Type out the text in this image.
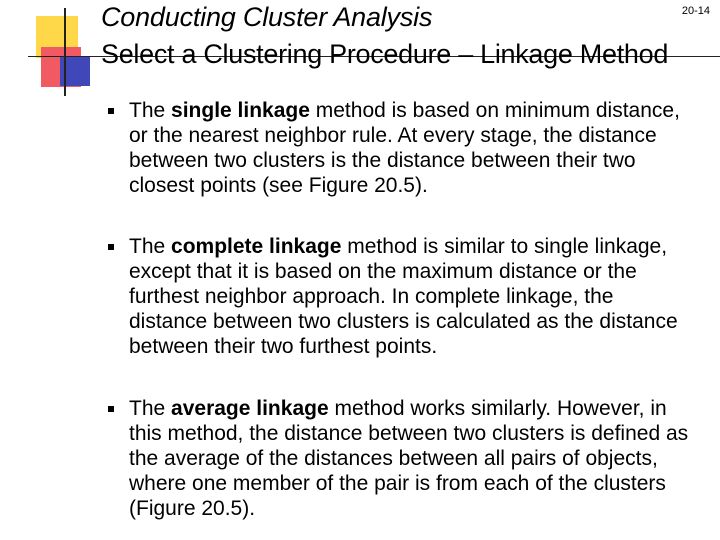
Conducting Cluster Analysis	20-14
Select a Clustering Procedure – Linkage Method
The single linkage method is based on minimum distance, or the nearest neighbor rule. At every stage, the distance between two clusters is the distance between their two closest points (see Figure 20.5).
The complete linkage method is similar to single linkage, except that it is based on the maximum distance or the furthest neighbor approach. In complete linkage, the distance between two clusters is calculated as the distance between their two furthest points.
The average linkage method works similarly. However, in this method, the distance between two clusters is defined as the average of the distances between all pairs of objects, where one member of the pair is from each of the clusters (Figure 20.5).
